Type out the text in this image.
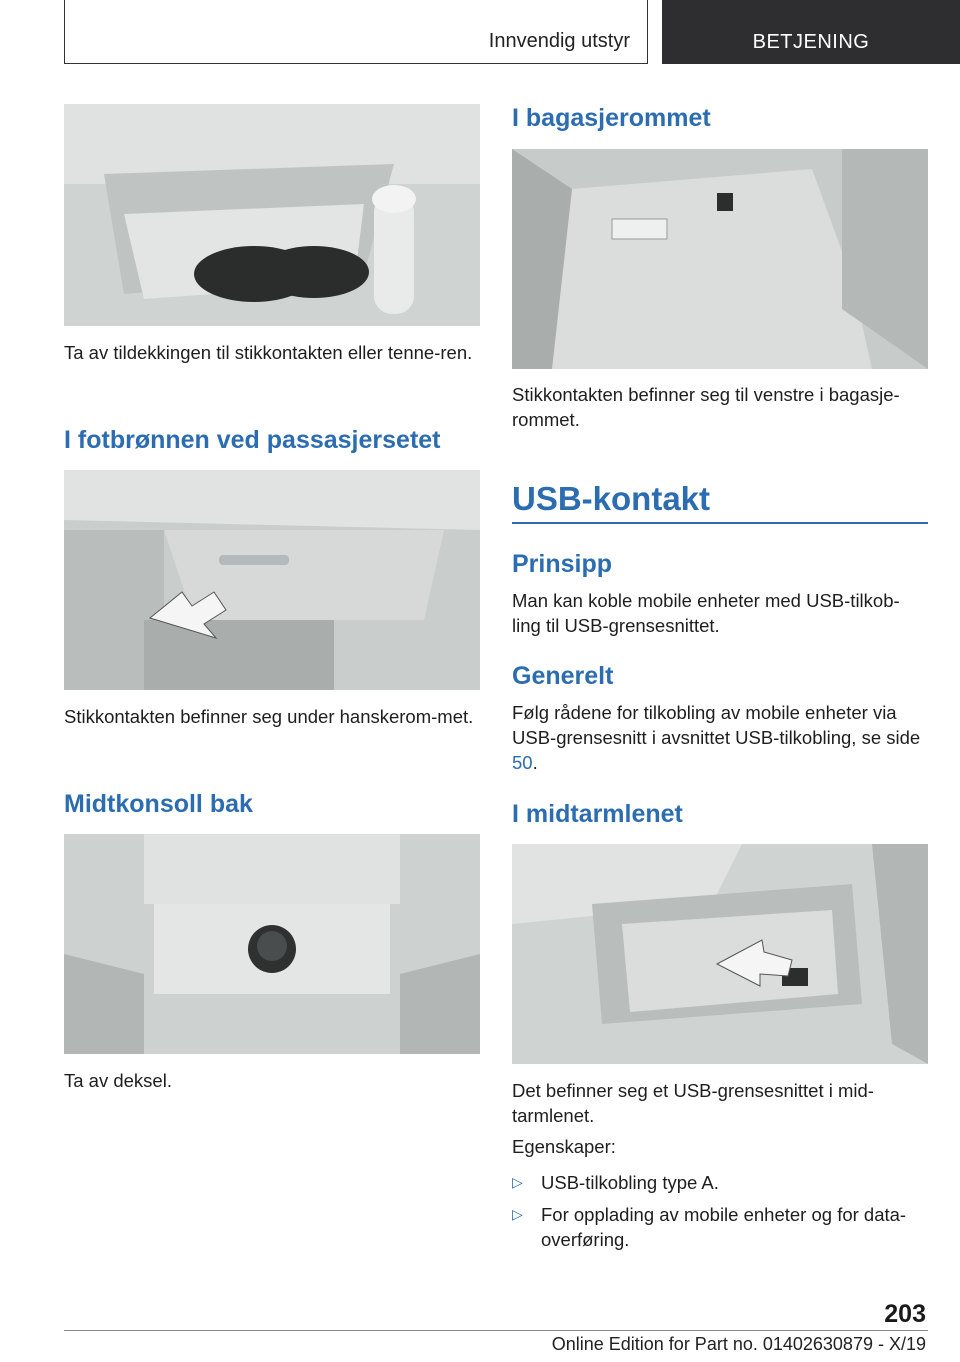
Innvendig utstyr	BETJENING
Ta av tildekkingen til stikkontakten eller tenne-ren.
I fotbrønnen ved passasjersetet
Stikkontakten befinner seg under hanskerom-met.
Midtkonsoll bak
Ta av deksel.
I bagasjerommet
Stikkontakten befinner seg til venstre i bagasje-rommet.
USB-kontakt
Prinsipp
Man kan koble mobile enheter med USB-tilkob-ling til USB-grensesnittet.
Generelt
Følg rådene for tilkobling av mobile enheter via USB-grensesnitt i avsnittet USB-tilkobling, se side 50.
I midtarmlenet
Det befinner seg et USB-grensesnittet i mid-tarmlenet.
Egenskaper:
▷ USB-tilkobling type A.
▷ For opplading av mobile enheter og for data-overføring.
203
Online Edition for Part no. 01402630879 - X/19
